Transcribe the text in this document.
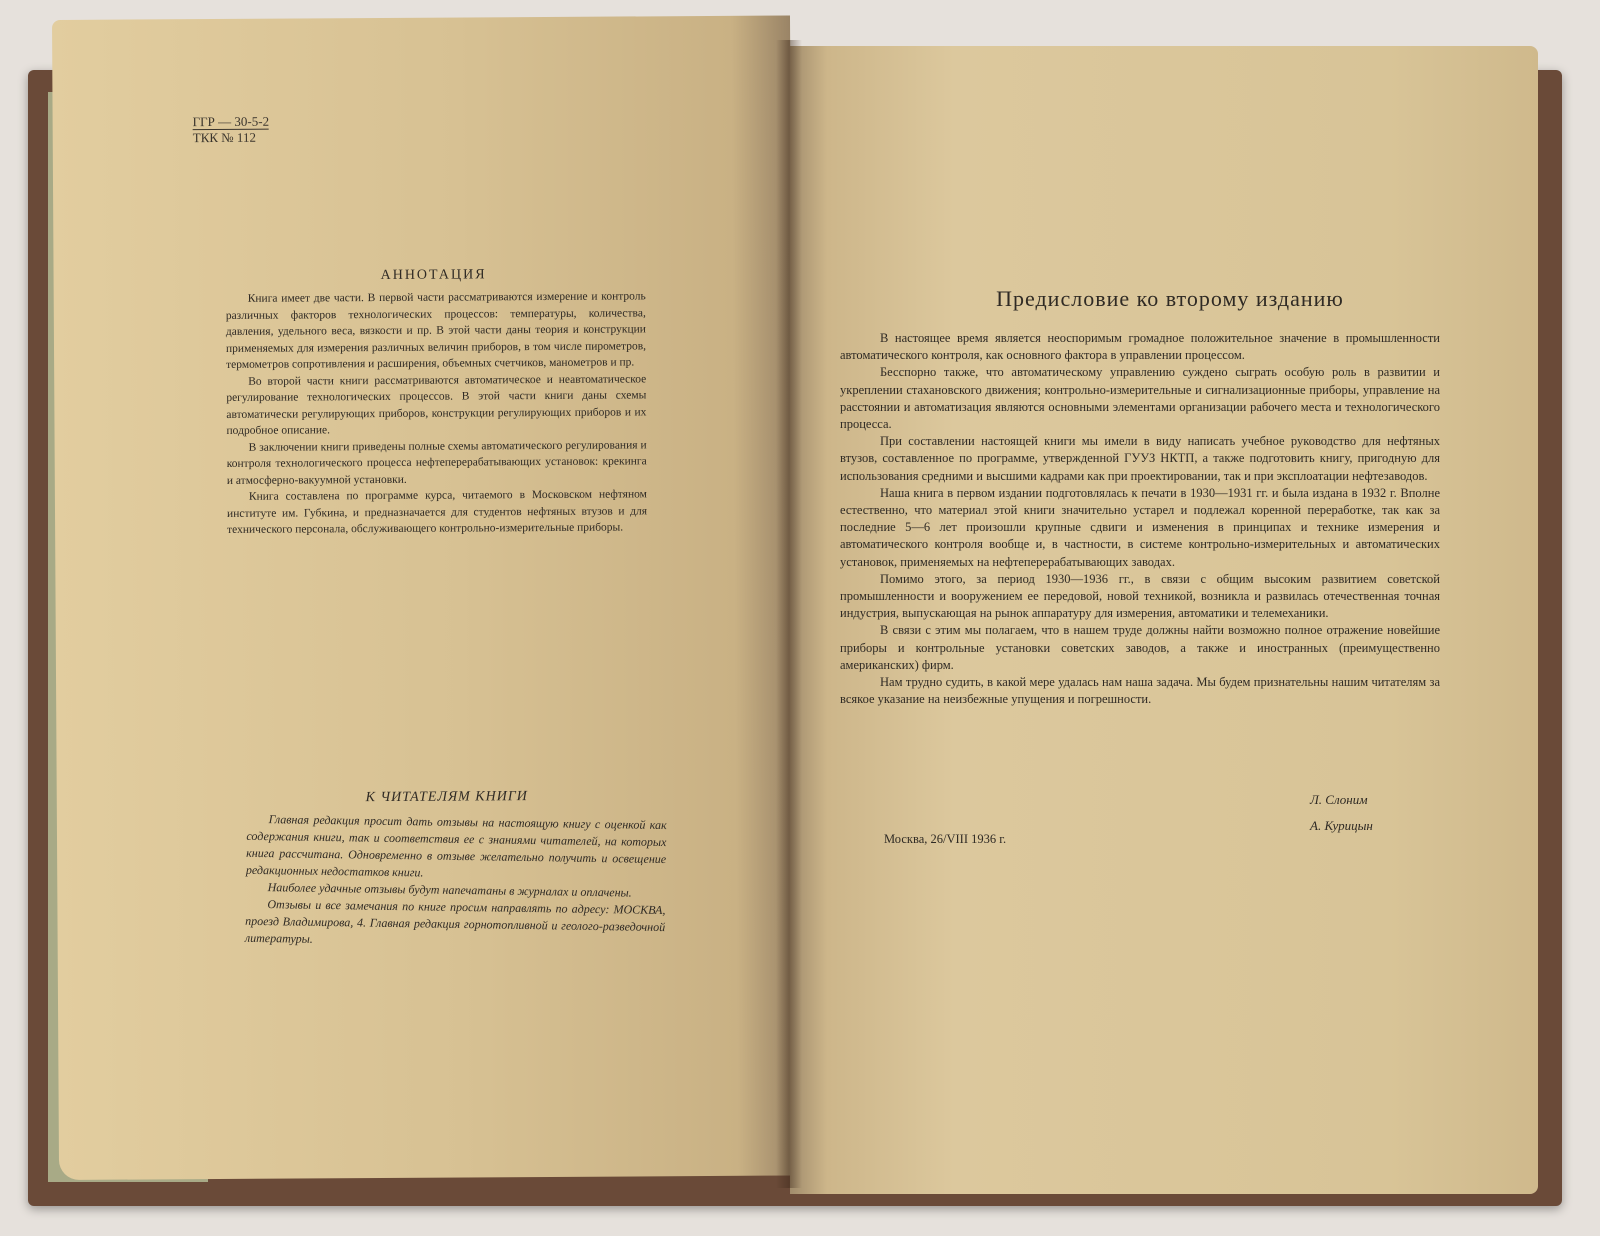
ГГР — 30-5-2
ТКК № 112
АННОТАЦИЯ

Книга имеет две части. В первой части рассматриваются измерение и контроль различных факторов технологических процессов: температуры, количества, давления, удельного веса, вязкости и пр. В этой части даны теория и конструкции применяемых для измерения различных величин приборов, в том числе пирометров, термометров сопротивления и расширения, объемных счетчиков, манометров и пр.

Во второй части книги рассматриваются автоматическое и неавтоматическое регулирование технологических процессов. В этой части книги даны схемы автоматически регулирующих приборов, конструкции регулирующих приборов и их подробное описание.

В заключении книги приведены полные схемы автоматического регулирования и контроля технологического процесса нефтеперерабатывающих установок: крекинга и атмосферно-вакуумной установки.

Книга составлена по программе курса, читаемого в Московском нефтяном институте им. Губкина, и предназначается для студентов нефтяных втузов и для технического персонала, обслуживающего контрольно-измерительные приборы.

К ЧИТАТЕЛЯМ КНИГИ

Главная редакция просит дать отзывы на настоящую книгу с оценкой как содержания книги, так и соответствия ее с знаниями читателей, на которых книга рассчитана. Одновременно в отзыве желательно получить и освещение редакционных недостатков книги.

Наиболее удачные отзывы будут напечатаны в журналах и оплачены.

Отзывы и все замечания по книге просим направлять по адресу: МОСКВА, проезд Владимирова, 4. Главная редакция горнотопливной и геолого-разведочной литературы.

Предисловие ко второму изданию

В настоящее время является неоспоримым громадное положительное значение в промышленности автоматического контроля, как основного фактора в управлении процессом.

Бесспорно также, что автоматическому управлению суждено сыграть особую роль в развитии и укреплении стахановского движения; контрольно-измерительные и сигнализационные приборы, управление на расстоянии и автоматизация являются основными элементами организации рабочего места и технологического процесса.

При составлении настоящей книги мы имели в виду написать учебное руководство для нефтяных втузов, составленное по программе, утвержденной ГУУЗ НКТП, а также подготовить книгу, пригодную для использования средними и высшими кадрами как при проектировании, так и при эксплоатации нефтезаводов.

Наша книга в первом издании подготовлялась к печати в 1930—1931 гг. и была издана в 1932 г. Вполне естественно, что материал этой книги значительно устарел и подлежал коренной переработке, так как за последние 5—6 лет произошли крупные сдвиги и изменения в принципах и технике измерения и автоматического контроля вообще и, в частности, в системе контрольно-измерительных и автоматических установок, применяемых на нефтеперерабатывающих заводах.

Помимо этого, за период 1930—1936 гг., в связи с общим высоким развитием советской промышленности и вооружением ее передовой, новой техникой, возникла и развилась отечественная точная индустрия, выпускающая на рынок аппаратуру для измерения, автоматики и телемеханики.

В связи с этим мы полагаем, что в нашем труде должны найти возможно полное отражение новейшие приборы и контрольные установки советских заводов, а также и иностранных (преимущественно американских) фирм.

Нам трудно судить, в какой мере удалась нам наша задача. Мы будем признательны нашим читателям за всякое указание на неизбежные упущения и погрешности.

Л. Слоним
А. Курицын
Москва, 26/VIII 1936 г.
